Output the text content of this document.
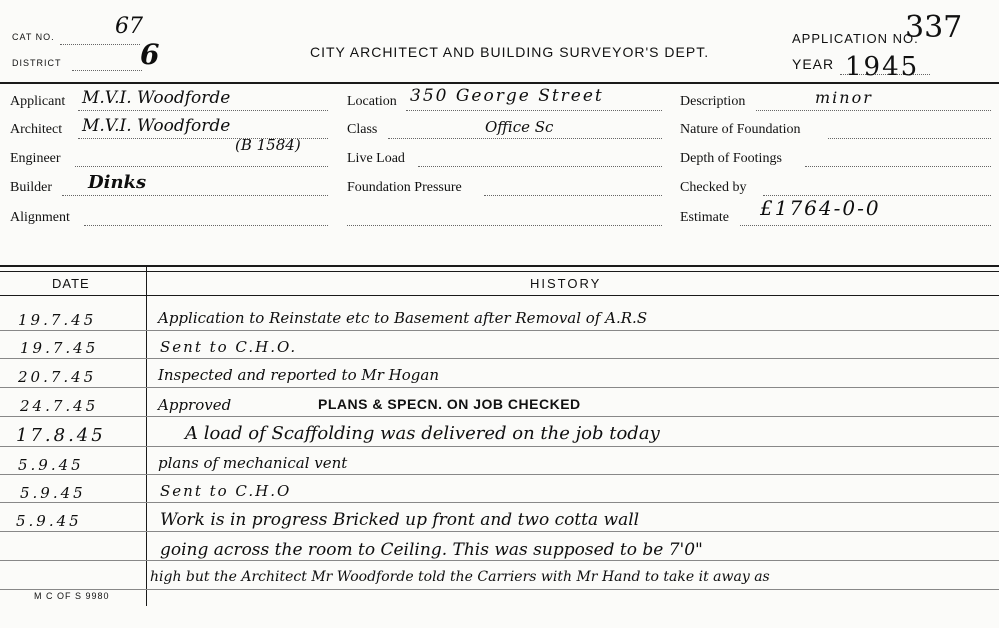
CAT NO.	67
DISTRICT	6	CITY ARCHITECT AND BUILDING SURVEYOR'S DEPT.
APPLICATION NO.
337
YEAR 1945
Applicant M.V.I. Woodforde
Architect M.V.I. Woodforde
(B 1584)
Engineer
Builder Dinks
Alignment
Location 350 George Street
Class	Office Sc
Live Load
Foundation Pressure
Description	minor
Nature of Foundation
Depth of Footings
Checked by
Estimate £1764-0-0
DATE	HISTORY
19.7.45	Application to Reinstate etc to Basement after Removal of A.R.S
19.7.45	Sent to C.H.O.
20.7.45	Inspected and reported to Mr Hogan
24.7.45	Approved	PLANS & SPECN. ON JOB CHECKED
17.8.45	A load of Scaffolding was delivered on the job today
5.9.45	plans of mechanical vent
5.9.45	Sent to C.H.O
5.9.45	Work is in progress Bricked up front and two cotta wall
going across the room to Ceiling. This was supposed to be 7'0"
high but the Architect Mr Woodforde told the Carriers with Mr Hand to take it away as
M C OF S 9980
